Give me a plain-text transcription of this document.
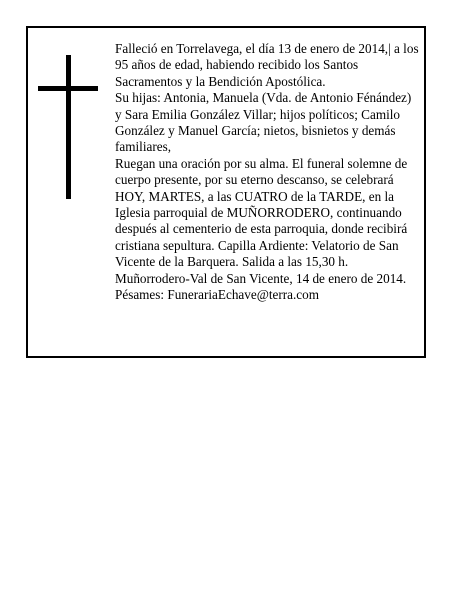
Falleció en Torrelavega, el día 13 de enero de 2014,| a los 95 años de edad, habiendo recibido los Santos Sacramentos y la Bendición Apostólica.

Su hijas: Antonia, Manuela (Vda. de Antonio Fénández) y Sara Emilia González Villar; hijos políticos; Camilo González y Manuel García; nietos, bisnietos y demás familiares,

Ruegan una oración por su alma. El funeral solemne de cuerpo presente, por su eterno descanso, se celebrará HOY, MARTES, a las CUATRO de la TARDE, en la Iglesia parroquial de MUÑORRODERO, continuando después al cementerio de esta parroquia, donde recibirá cristiana sepultura. Capilla Ardiente: Velatorio de San Vicente de la Barquera. Salida a las 15,30 h.

Muñorrodero-Val de San Vicente, 14 de enero de 2014.

Pésames: FunerariaEchave@terra.com
